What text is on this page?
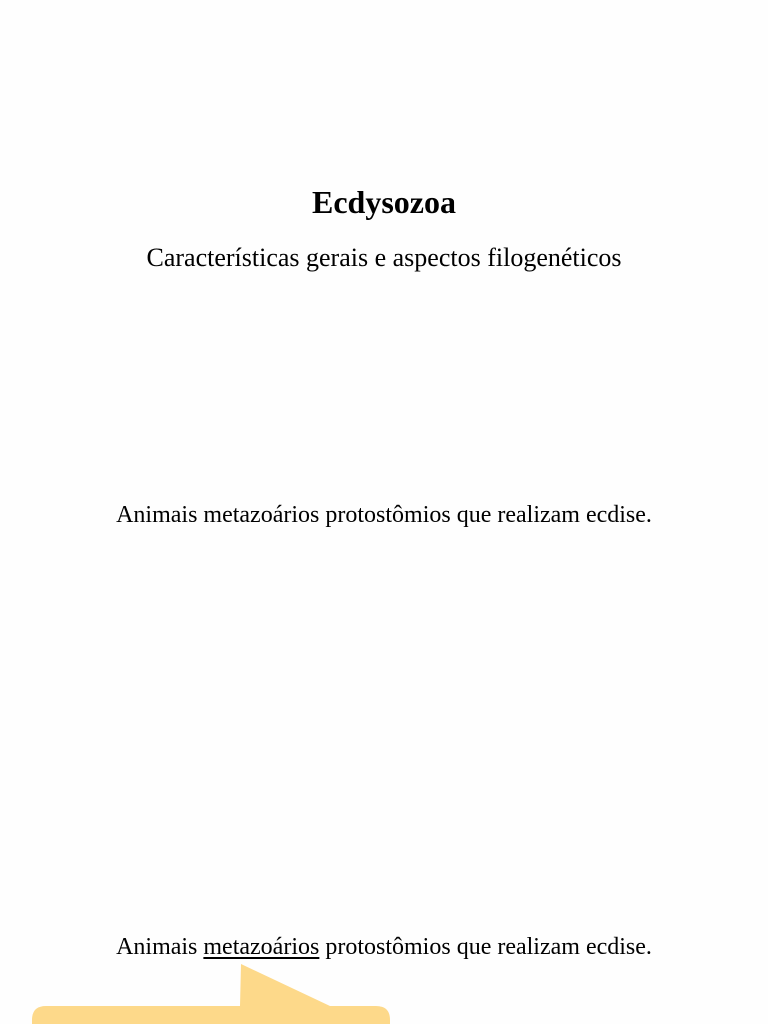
Ecdysozoa

Características gerais e aspectos filogenéticos

Animais metazoários protostômios que realizam ecdise.

Animais metazoários protostômios que realizam ecdise.
